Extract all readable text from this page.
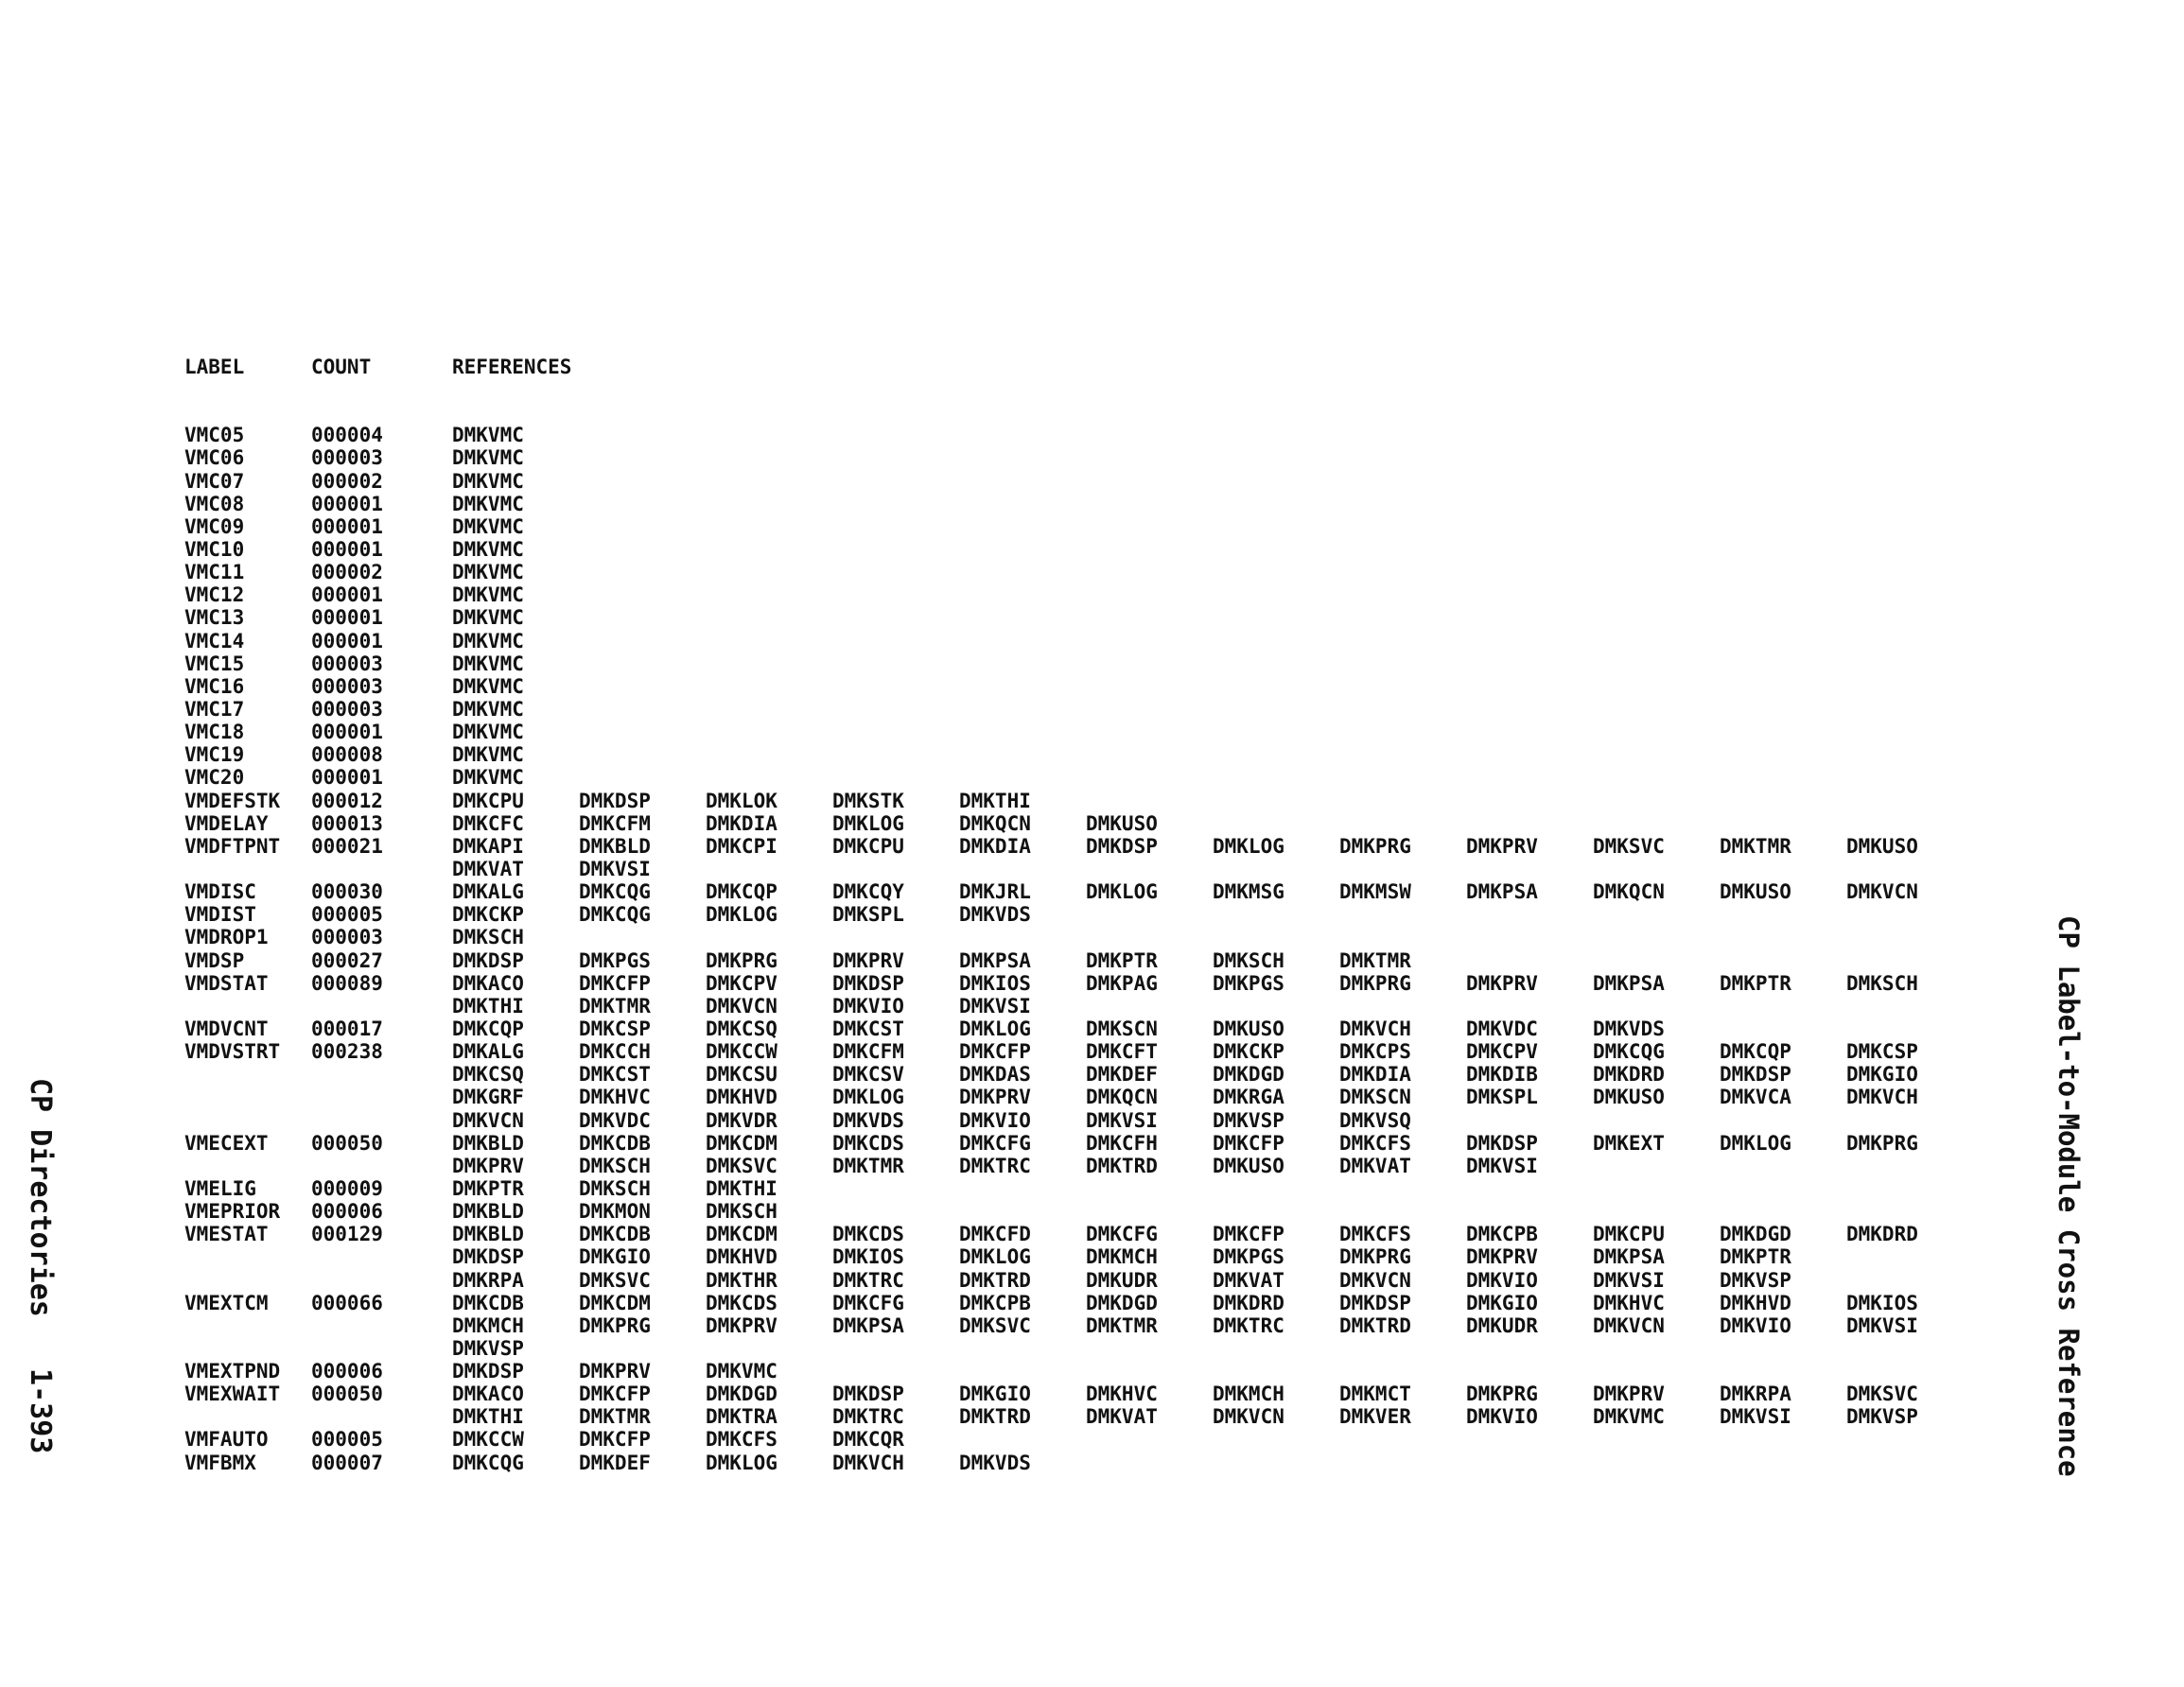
LABEL	COUNT	REFERENCES
VMC05	000004	DMKVMC
VMC06	000003	DMKVMC
VMC07	000002	DMKVMC
VMC08	000001	DMKVMC
VMC09	000001	DMKVMC
VMC10	000001	DMKVMC
VMC11	000002	DMKVMC
VMC12	000001	DMKVMC
VMC13	000001	DMKVMC
VMC14	000001	DMKVMC
VMC15	000003	DMKVMC
VMC16	000003	DMKVMC
VMC17	000003	DMKVMC
VMC18	000001	DMKVMC
VMC19	000008	DMKVMC
VMC20	000001	DMKVMC
VMDEFSTK 000012	DMKCPU	DMKDSP	DMKLOK	DMKSTK	DMKTHI
VMDELAY 000013	DMKCFC	DMKCFM	DMKDIA	DMKLOG	DMKQCN	DMKUSO
VMDFTPNT 000021	DMKAPI	DMKBLD	DMKCPI	DMKCPU	DMKDIA	DMKDSP	DMKLOG	DMKPRG	DMKPRV	DMKSVC	DMKTMR	DMKUSO
DMKVAT	DMKVSI
VMDISC	000030	DMKALG	DMKCQG	DMKCQP	DMKCQY	DMKJRL	DMKLOG	DMKMSG	DMKMSW	DMKPSA	DMKQCN	DMKUSO	DMKVCN
VMDIST	000005	DMKCKP	DMKCQG	DMKLOG	DMKSPL	DMKVDS
VMDROP1 000003	DMKSCH
VMDSP	000027	DMKDSP	DMKPGS	DMKPRG	DMKPRV	DMKPSA	DMKPTR	DMKSCH	DMKTMR
VMDSTAT 000089	DMKACO	DMKCFP	DMKCPV	DMKDSP	DMKIOS	DMKPAG	DMKPGS	DMKPRG	DMKPRV	DMKPSA	DMKPTR	DMKSCH
DMKTHI	DMKTMR	DMKVCN	DMKVIO	DMKVSI
VMDVCNT 000017	DMKCQP	DMKCSP	DMKCSQ	DMKCST	DMKLOG	DMKSCN	DMKUSO	DMKVCH	DMKVDC	DMKVDS
VMDVSTRT 000238	DMKALG	DMKCCH	DMKCCW	DMKCFM	DMKCFP	DMKCFT	DMKCKP	DMKCPS	DMKCPV	DMKCQG	DMKCQP	DMKCSP
DMKCSQ	DMKCST	DMKCSU	DMKCSV	DMKDAS	DMKDEF	DMKDGD	DMKDIA	DMKDIB	DMKDRD	DMKDSP	DMKGIO
DMKGRF	DMKHVC	DMKHVD	DMKLOG	DMKPRV	DMKQCN	DMKRGA	DMKSCN	DMKSPL	DMKUSO	DMKVCA	DMKVCH
DMKVCN	DMKVDC	DMKVDR	DMKVDS	DMKVIO	DMKVSI	DMKVSP	DMKVSQ
VMECEXT 000050	DMKBLD	DMKCDB	DMKCDM	DMKCDS	DMKCFG	DMKCFH	DMKCFP	DMKCFS	DMKDSP	DMKEXT	DMKLOG	DMKPRG
DMKPRV	DMKSCH	DMKSVC	DMKTMR	DMKTRC	DMKTRD	DMKUSO	DMKVAT	DMKVSI
VMELIG	000009	DMKPTR	DMKSCH	DMKTHI
VMEPRIOR 000006	DMKBLD	DMKMON	DMKSCH
VMESTAT 000129	DMKBLD	DMKCDB	DMKCDM	DMKCDS	DMKCFD	DMKCFG	DMKCFP	DMKCFS	DMKCPB	DMKCPU	DMKDGD	DMKDRD
DMKDSP	DMKGIO	DMKHVD	DMKIOS	DMKLOG	DMKMCH	DMKPGS	DMKPRG	DMKPRV	DMKPSA	DMKPTR
DMKRPA	DMKSVC	DMKTHR	DMKTRC	DMKTRD	DMKUDR	DMKVAT	DMKVCN	DMKVIO	DMKVSI	DMKVSP
VMEXTCM 000066	DMKCDB	DMKCDM	DMKCDS	DMKCFG	DMKCPB	DMKDGD	DMKDRD	DMKDSP	DMKGIO	DMKHVC	DMKHVD	DMKIOS
DMKMCH	DMKPRG	DMKPRV	DMKPSA	DMKSVC	DMKTMR	DMKTRC	DMKTRD	DMKUDR	DMKVCN	DMKVIO	DMKVSI
DMKVSP
VMEXTPND 000006	DMKDSP	DMKPRV	DMKVMC
VMEXWAIT 000050	DMKACO	DMKCFP	DMKDGD	DMKDSP	DMKGIO	DMKHVC	DMKMCH	DMKMCT	DMKPRG	DMKPRV	DMKRPA	DMKSVC
DMKTHI	DMKTMR	DMKTRA	DMKTRC	DMKTRD	DMKVAT	DMKVCN	DMKVER	DMKVIO	DMKVMC	DMKVSI	DMKVSP
VMFAUTO 000005	DMKCCW	DMKCFP	DMKCFS	DMKCQR
VMFBMX	000007	DMKCQG	DMKDEF	DMKLOG	DMKVCH	DMKVDS
CP Directories   1-393	CP Label-to-Module Cross Reference
